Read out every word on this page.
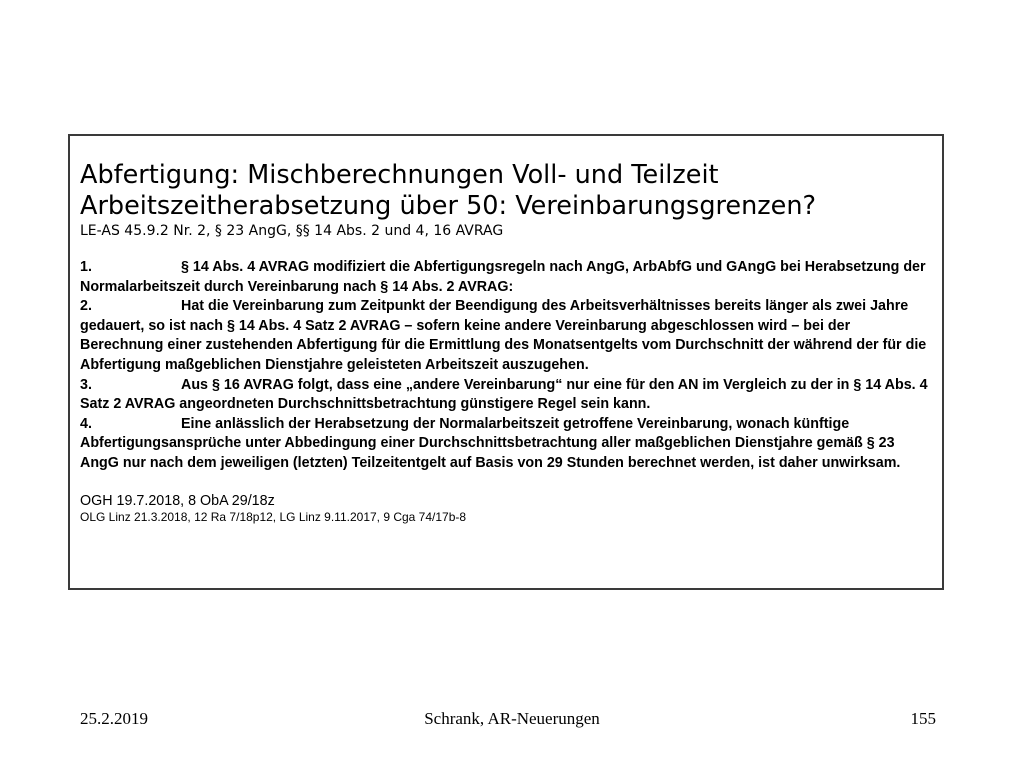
Abfertigung: Mischberechnungen Voll- und Teilzeit
Arbeitszeitherabsetzung über 50: Vereinbarungsgrenzen?
LE-AS 45.9.2 Nr. 2, § 23 AngG, §§ 14 Abs. 2 und 4, 16 AVRAG
1.	§ 14 Abs. 4 AVRAG modifiziert die Abfertigungsregeln nach AngG, ArbAbfG und GAngG bei Herabsetzung der Normalarbeitszeit durch Vereinbarung nach § 14 Abs. 2 AVRAG:
2.	Hat die Vereinbarung zum Zeitpunkt der Beendigung des Arbeitsverhältnisses bereits länger als zwei Jahre gedauert, so ist nach § 14 Abs. 4 Satz 2 AVRAG – sofern keine andere Vereinbarung abgeschlossen wird – bei der Berechnung einer zustehenden Abfertigung für die Ermittlung des Monatsentgelts vom Durchschnitt der während der für die Abfertigung maßgeblichen Dienstjahre geleisteten Arbeitszeit auszugehen.
3.	Aus § 16 AVRAG folgt, dass eine „andere Vereinbarung“ nur eine für den AN im Vergleich zu der in § 14 Abs. 4 Satz 2 AVRAG angeordneten Durchschnittsbetrachtung günstigere Regel sein kann.
4.	Eine anlässlich der Herabsetzung der Normalarbeitszeit getroffene Vereinbarung, wonach künftige Abfertigungsansprüche unter Abbedingung einer Durchschnittsbetrachtung aller maßgeblichen Dienstjahre gemäß § 23 AngG nur nach dem jeweiligen (letzten) Teilzeitentgelt auf Basis von 29 Stunden berechnet werden, ist daher unwirksam.
OGH 19.7.2018, 8 ObA 29/18z
OLG Linz 21.3.2018, 12 Ra 7/18p12, LG Linz 9.11.2017, 9 Cga 74/17b-8
25.2.2019	Schrank, AR-Neuerungen	155
